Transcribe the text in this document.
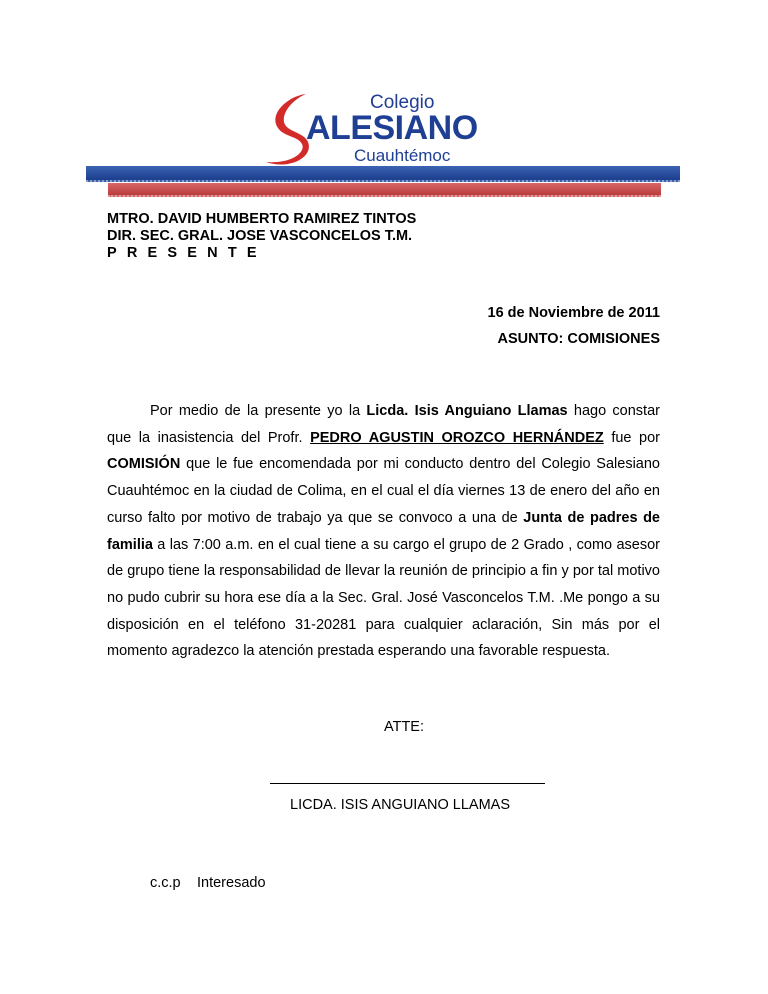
Colegio
ALESIANO
Cuauhtémoc
MTRO. DAVID HUMBERTO RAMIREZ TINTOS
DIR. SEC. GRAL. JOSE VASCONCELOS T.M.
PRESENTE
16 de Noviembre de 2011
ASUNTO: COMISIONES
Por medio de la presente yo la Licda. Isis Anguiano Llamas hago constar que la inasistencia del Profr. PEDRO AGUSTIN OROZCO HERNÁNDEZ fue por COMISIÓN que le fue encomendada por mi conducto dentro del Colegio Salesiano Cuauhtémoc en la ciudad de Colima, en el cual el día viernes 13 de enero del año en curso falto por motivo de trabajo ya que se convoco a una de Junta de padres de familia a las 7:00 a.m. en el cual tiene a su cargo el grupo de 2 Grado , como asesor de grupo tiene la responsabilidad de llevar la reunión de principio a fin y por tal motivo no pudo cubrir su hora ese día a la Sec. Gral. José Vasconcelos T.M. .Me pongo a su disposición en el teléfono 31-20281 para cualquier aclaración, Sin más por el momento agradezco la atención prestada esperando una favorable respuesta.
ATTE:
LICDA. ISIS ANGUIANO LLAMAS
c.c.p Interesado
